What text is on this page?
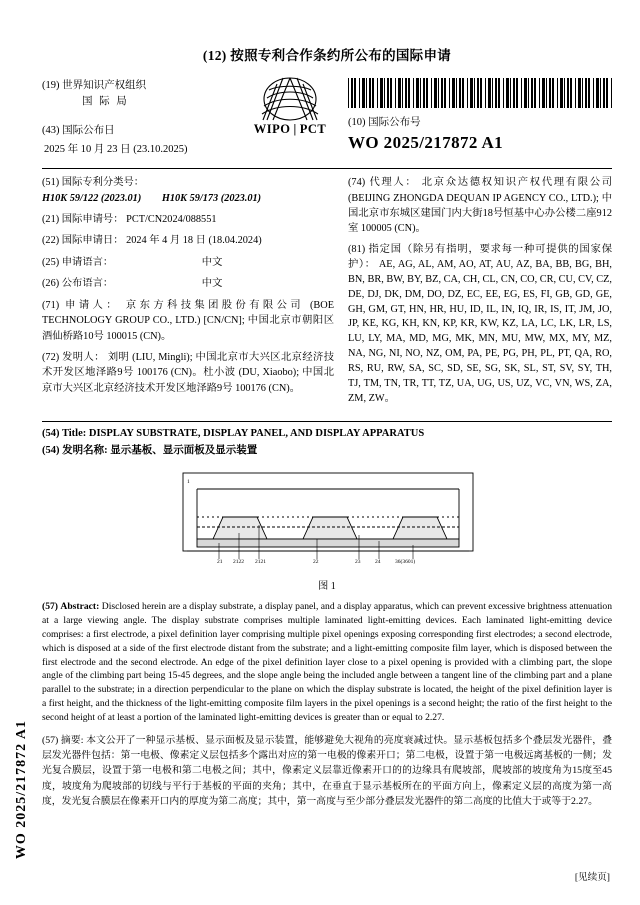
(12) 按照专利合作条约所公布的国际申请
(19) 世界知识产权组织
国 际 局
(43) 国际公布日
2025 年 10 月 23 日 (23.10.2025)
WIPO | PCT	(10) 国际公布号
WO 2025/217872 A1
(51) 国际专利分类号：
H10K 59/122 (2023.01)　　H10K 59/173 (2023.01)
(21) 国际申请号： PCT/CN2024/088551
(22) 国际申请日： 2024 年 4 月 18 日 (18.04.2024)
(25) 申请语言：	中文
(26) 公布语言：	中文
(71) 申请人： 京东方科技集团股份有限公司 (BOE TECHNOLOGY GROUP CO., LTD.) [CN/CN]; 中国北京市朝阳区酒仙桥路10号 100015 (CN)。
(72) 发明人： 刘明 (LIU, Mingli); 中国北京市大兴区北京经济技术开发区地泽路9号 100176 (CN)。杜小波 (DU, Xiaobo); 中国北京市大兴区北京经济技术开发区地泽路9号 100176 (CN)。
(74) 代理人： 北京众达德权知识产权代理有限公司 (BEIJING ZHONGDA DEQUAN IP AGENCY CO., LTD.); 中国北京市东城区建国门内大街18号恒基中心办公楼二座912室 100005 (CN)。
(81) 指定国（除另有指明，要求每一种可提供的国家保护）： AE, AG, AL, AM, AO, AT, AU, AZ, BA, BB, BG, BH, BN, BR, BW, BY, BZ, CA, CH, CL, CN, CO, CR, CU, CV, CZ, DE, DJ, DK, DM, DO, DZ, EC, EE, EG, ES, FI, GB, GD, GE, GH, GM, GT, HN, HR, HU, ID, IL, IN, IQ, IR, IS, IT, JM, JO, JP, KE, KG, KH, KN, KP, KR, KW, KZ, LA, LC, LK, LR, LS, LU, LY, MA, MD, MG, MK, MN, MU, MW, MX, MY, MZ, NA, NG, NI, NO, NZ, OM, PA, PE, PG, PH, PL, PT, QA, RO, RS, RU, RW, SA, SC, SD, SE, SG, SK, SL, ST, SV, SY, TH, TJ, TM, TN, TR, TT, TZ, UA, UG, US, UZ, VC, VN, WS, ZA, ZM, ZW。
(54) Title: DISPLAY SUBSTRATE, DISPLAY PANEL, AND DISPLAY APPARATUS
(54) 发明名称: 显示基板、显示面板及显示装置
21 2122 2121	22	23	24	36(3601)
1
图 1
(57) Abstract: Disclosed herein are a display substrate, a display panel, and a display apparatus, which can prevent excessive brightness attenuation at a large viewing angle. The display substrate comprises multiple laminated light-emitting devices. Each laminated light-emitting device comprises: a first electrode, a pixel definition layer comprising multiple pixel openings exposing corresponding first electrodes; a second electrode, which is disposed at a side of the first electrode distant from the substrate; and a light-emitting composite film layer, which is disposed between the first electrode and the second electrode. An edge of the pixel definition layer close to a pixel opening is provided with a climbing part, the slope angle of the climbing part being 15-45 degrees, and the slope angle being the included angle between a tangent line of the climbing part and a plane parallel to the substrate; in a direction perpendicular to the plane on which the display substrate is located, the height of the pixel definition layer is a first height, and the thickness of the light-emitting composite film layers in the pixel openings is a second height; the ratio of the first height to the second height of at least a portion of the laminated light-emitting devices is greater than or equal to 2.27.
(57) 摘要: 本文公开了一种显示基板、显示面板及显示装置，能够避免大视角的亮度衰减过快。显示基板包括多个叠层发光器件，叠层发光器件包括：第一电极、像素定义层包括多个露出对应的第一电极的像素开口；第二电极，设置于第一电极远离基板的一侧；发光复合膜层，设置于第一电极和第二电极之间；其中，像素定义层靠近像素开口的的边缘具有爬坡部，爬坡部的坡度角为15度至45度，坡度角为爬坡部的切线与平行于基板的平面的夹角；其中，在垂直于显示基板所在的平面方向上，像素定义层的高度为第一高度，发光复合膜层在像素开口内的厚度为第二高度；其中，第一高度与至少部分叠层发光器件的第二高度的比值大于或等于2.27。
[见续页]
WO 2025/217872 A1
